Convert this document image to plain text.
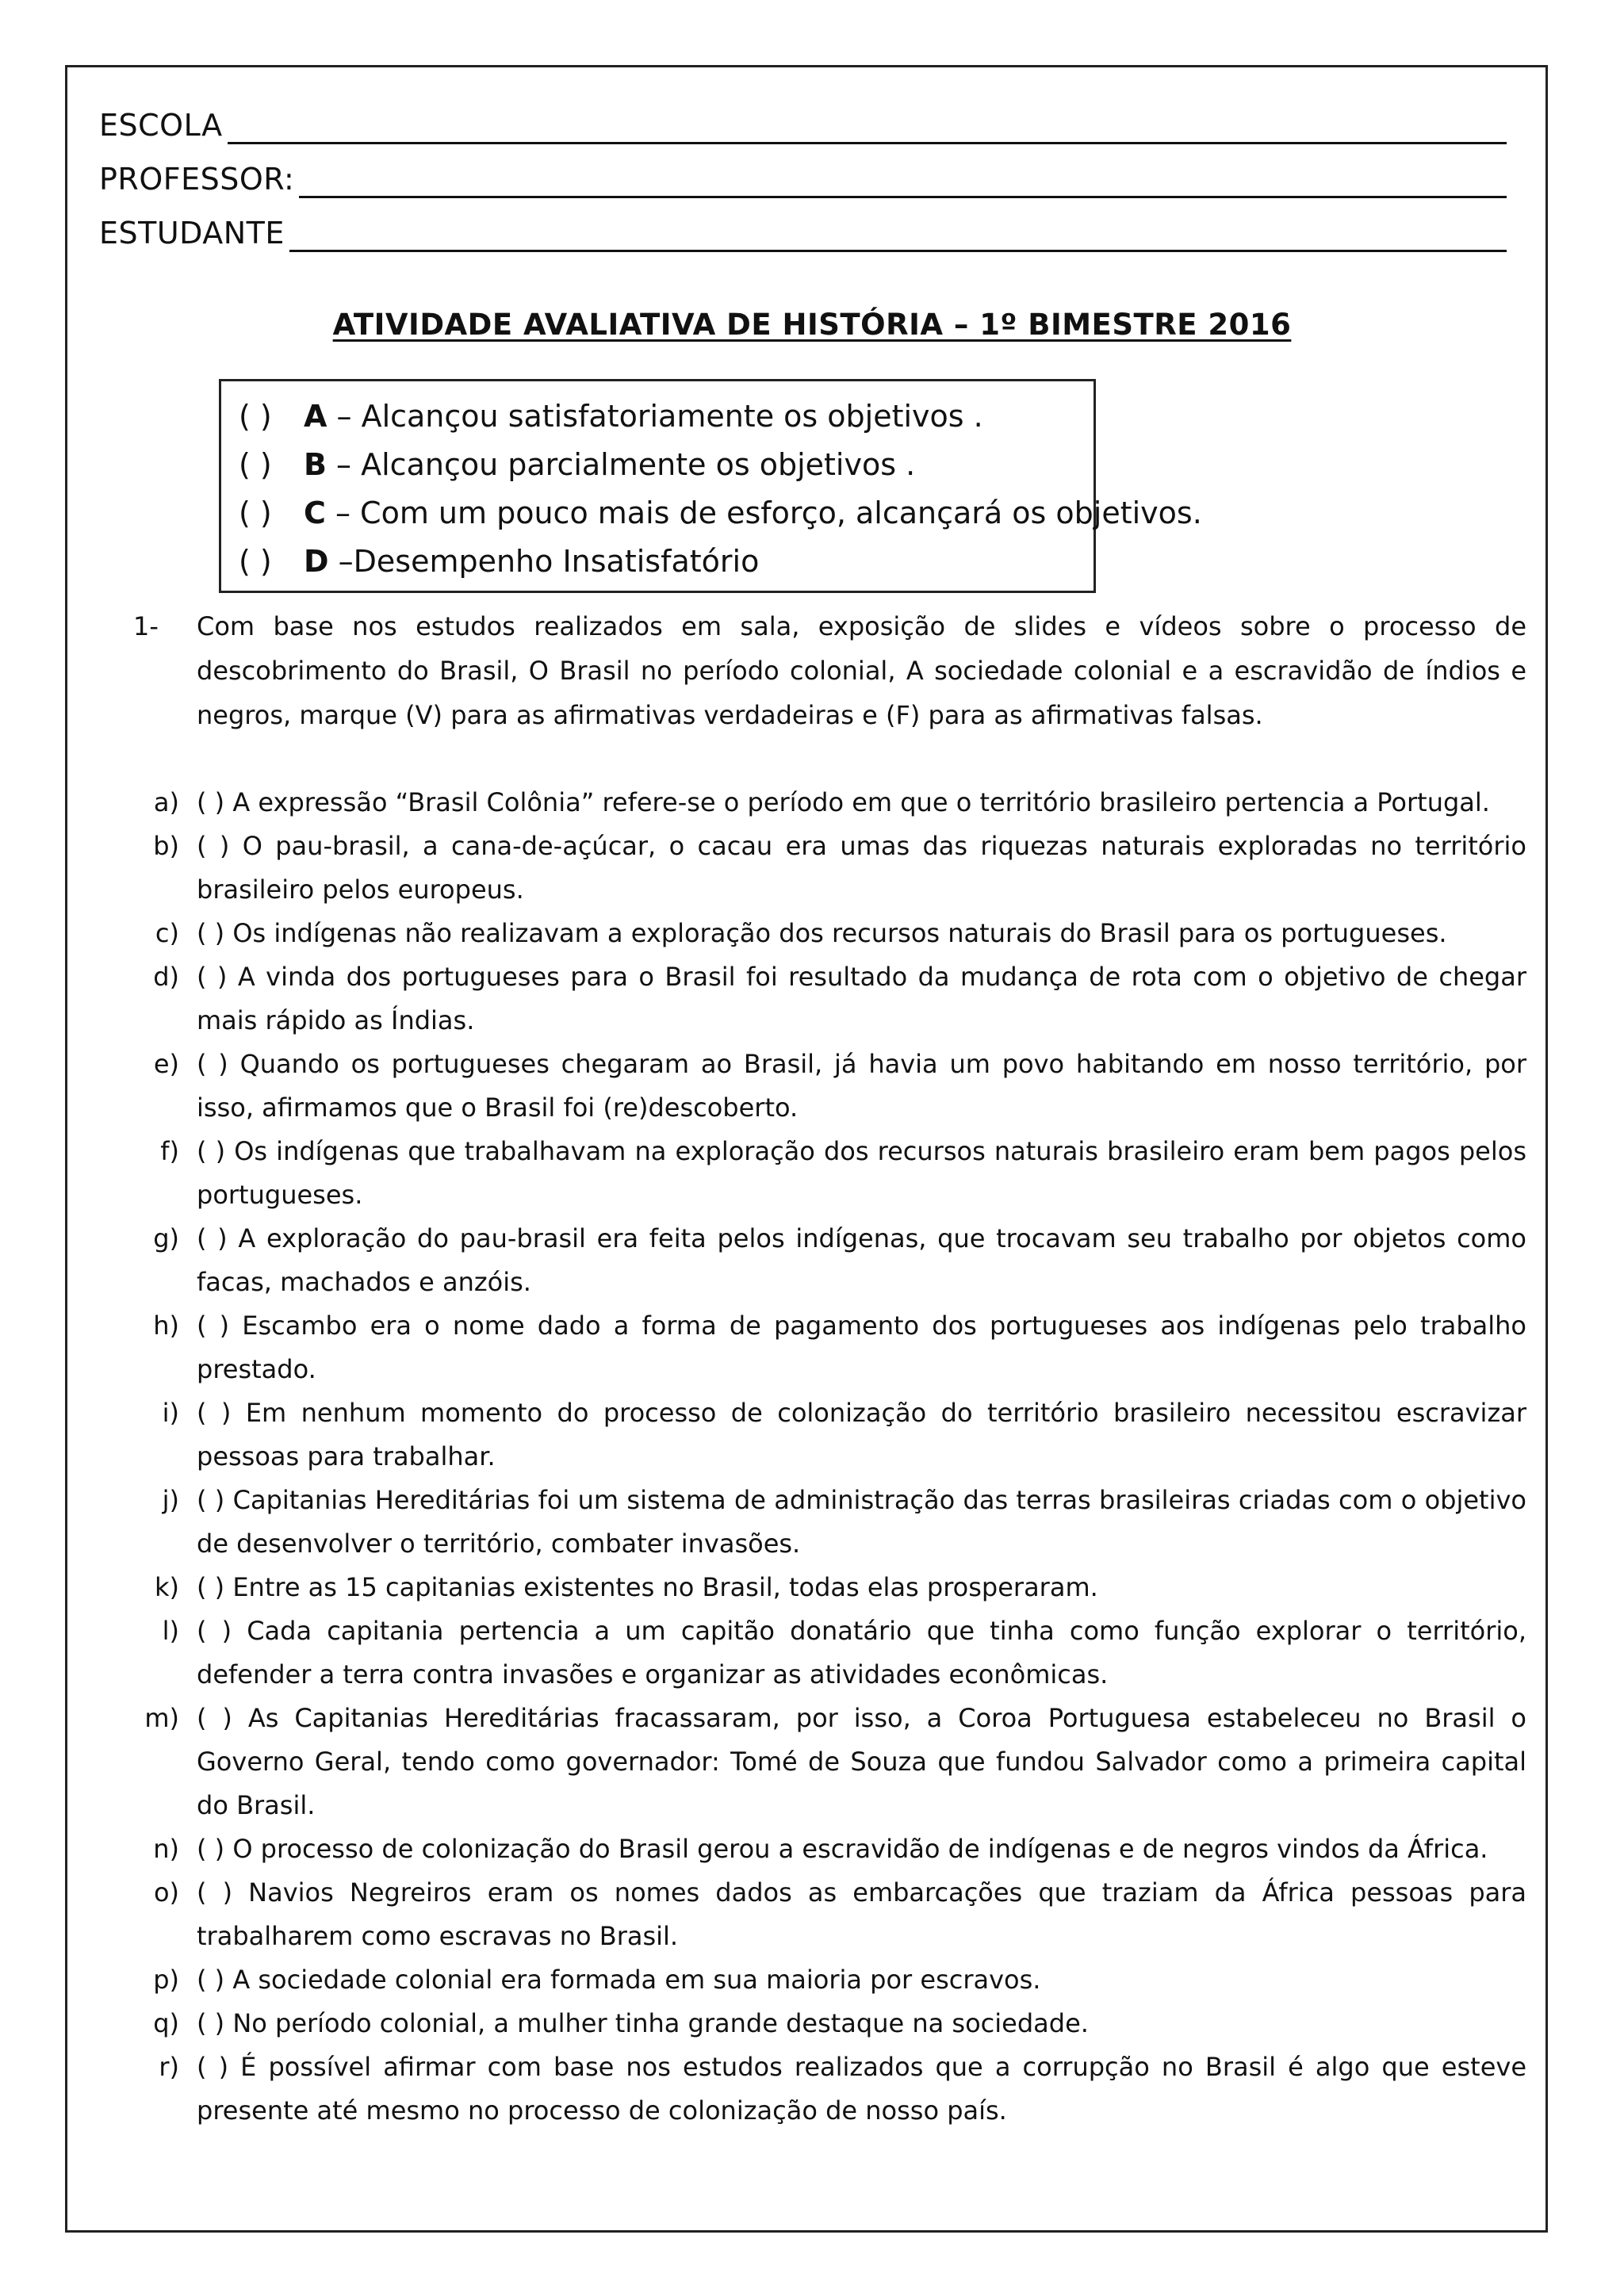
ESCOLA
PROFESSOR:
ESTUDANTE
ATIVIDADE AVALIATIVA DE HISTÓRIA – 1º BIMESTRE 2016
( ) A – Alcançou satisfatoriamente os objetivos .
( ) B – Alcançou parcialmente os objetivos .
( ) C – Com um pouco mais de esforço, alcançará os objetivos.
( ) D –Desempenho Insatisfatório
1- Com base nos estudos realizados em sala, exposição de slides e vídeos sobre o processo de descobrimento do Brasil, O Brasil no período colonial, A sociedade colonial e a escravidão de índios e negros, marque (V) para as afirmativas verdadeiras e (F) para as afirmativas falsas.
a) ( ) A expressão “Brasil Colônia” refere-se o período em que o território brasileiro pertencia a Portugal.
b) ( ) O pau-brasil, a cana-de-açúcar, o cacau era umas das riquezas naturais exploradas no território brasileiro pelos europeus.
c) ( ) Os indígenas não realizavam a exploração dos recursos naturais do Brasil para os portugueses.
d) ( ) A vinda dos portugueses para o Brasil foi resultado da mudança de rota com o objetivo de chegar mais rápido as Índias.
e) ( ) Quando os portugueses chegaram ao Brasil, já havia um povo habitando em nosso território, por isso, afirmamos que o Brasil foi (re)descoberto.
f) ( ) Os indígenas que trabalhavam na exploração dos recursos naturais brasileiro eram bem pagos pelos portugueses.
g) ( ) A exploração do pau-brasil era feita pelos indígenas, que trocavam seu trabalho por objetos como facas, machados e anzóis.
h) ( ) Escambo era o nome dado a forma de pagamento dos portugueses aos indígenas pelo trabalho prestado.
i) ( ) Em nenhum momento do processo de colonização do território brasileiro necessitou escravizar pessoas para trabalhar.
j) ( ) Capitanias Hereditárias foi um sistema de administração das terras brasileiras criadas com o objetivo de desenvolver o território, combater invasões.
k) ( ) Entre as 15 capitanias existentes no Brasil, todas elas prosperaram.
l) ( ) Cada capitania pertencia a um capitão donatário que tinha como função explorar o território, defender a terra contra invasões e organizar as atividades econômicas.
m) ( ) As Capitanias Hereditárias fracassaram, por isso, a Coroa Portuguesa estabeleceu no Brasil o Governo Geral, tendo como governador: Tomé de Souza que fundou Salvador como a primeira capital do Brasil.
n) ( ) O processo de colonização do Brasil gerou a escravidão de indígenas e de negros vindos da África.
o) ( ) Navios Negreiros eram os nomes dados as embarcações que traziam da África pessoas para trabalharem como escravas no Brasil.
p) ( ) A sociedade colonial era formada em sua maioria por escravos.
q) ( ) No período colonial, a mulher tinha grande destaque na sociedade.
r) ( ) É possível afirmar com base nos estudos realizados que a corrupção no Brasil é algo que esteve presente até mesmo no processo de colonização de nosso país.
